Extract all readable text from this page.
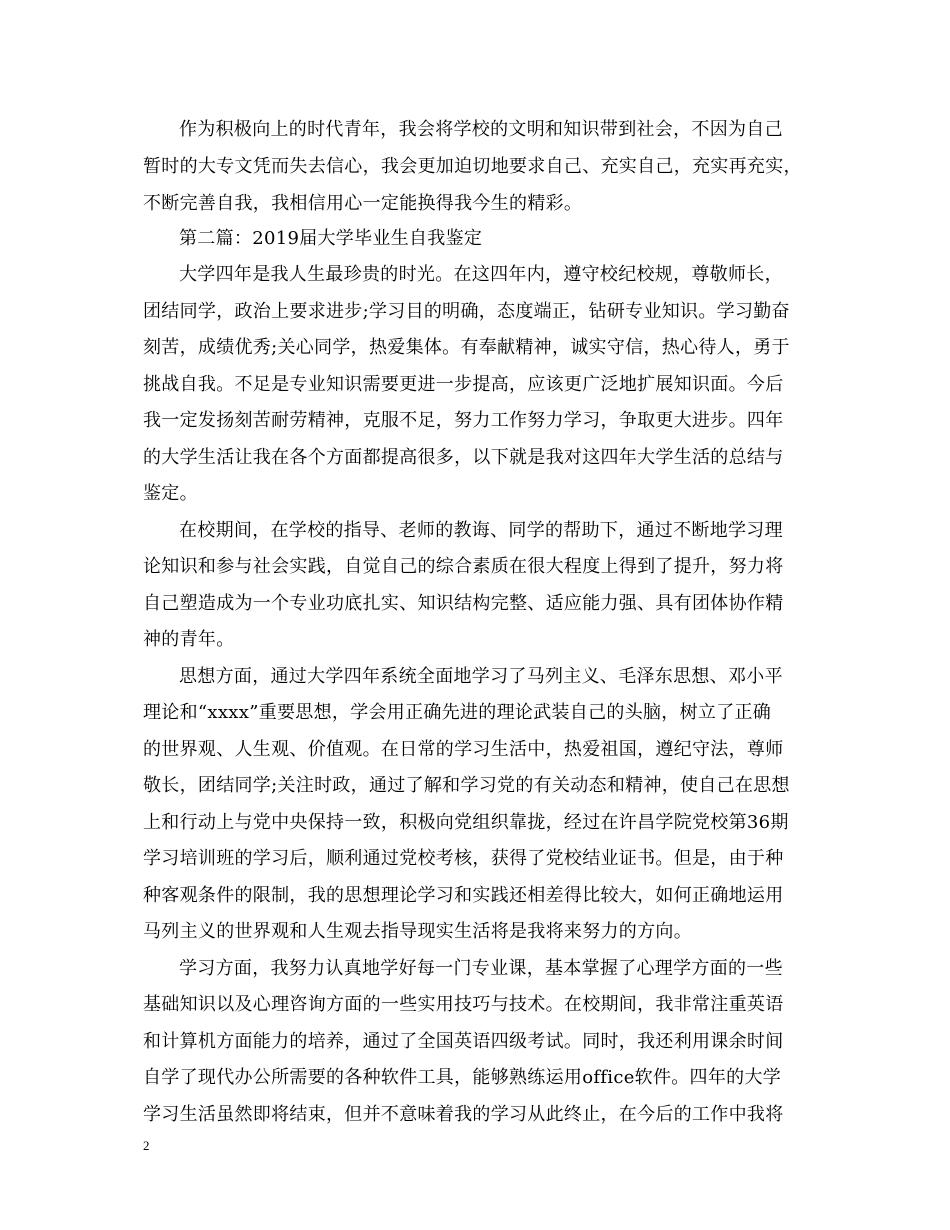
作为积极向上的时代青年，我会将学校的文明和知识带到社会，不因为自己
暂时的大专文凭而失去信心，我会更加迫切地要求自己、充实自己，充实再充实，
不断完善自我，我相信用心一定能换得我今生的精彩。
第二篇：2019届大学毕业生自我鉴定
大学四年是我人生最珍贵的时光。在这四年内，遵守校纪校规，尊敬师长，
团结同学，政治上要求进步;学习目的明确，态度端正，钻研专业知识。学习勤奋
刻苦，成绩优秀;关心同学，热爱集体。有奉献精神，诚实守信，热心待人，勇于
挑战自我。不足是专业知识需要更进一步提高，应该更广泛地扩展知识面。今后
我一定发扬刻苦耐劳精神，克服不足，努力工作努力学习，争取更大进步。四年
的大学生活让我在各个方面都提高很多，以下就是我对这四年大学生活的总结与
鉴定。
在校期间，在学校的指导、老师的教诲、同学的帮助下，通过不断地学习理
论知识和参与社会实践，自觉自己的综合素质在很大程度上得到了提升，努力将
自己塑造成为一个专业功底扎实、知识结构完整、适应能力强、具有团体协作精
神的青年。
思想方面，通过大学四年系统全面地学习了马列主义、毛泽东思想、邓小平
理论和“xxxx”重要思想，学会用正确先进的理论武装自己的头脑，树立了正确
的世界观、人生观、价值观。在日常的学习生活中，热爱祖国，遵纪守法，尊师
敬长，团结同学;关注时政，通过了解和学习党的有关动态和精神，使自己在思想
上和行动上与党中央保持一致，积极向党组织靠拢，经过在许昌学院党校第36期
学习培训班的学习后，顺利通过党校考核，获得了党校结业证书。但是，由于种
种客观条件的限制，我的思想理论学习和实践还相差得比较大，如何正确地运用
马列主义的世界观和人生观去指导现实生活将是我将来努力的方向。
学习方面，我努力认真地学好每一门专业课，基本掌握了心理学方面的一些
基础知识以及心理咨询方面的一些实用技巧与技术。在校期间，我非常注重英语
和计算机方面能力的培养，通过了全国英语四级考试。同时，我还利用课余时间
自学了现代办公所需要的各种软件工具，能够熟练运用office软件。四年的大学
学习生活虽然即将结束，但并不意味着我的学习从此终止，在今后的工作中我将
2
